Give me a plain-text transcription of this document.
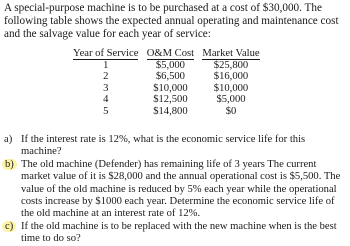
A special-purpose machine is to be purchased at a cost of $30,000. The following table shows the expected annual operating and maintenance cost and the salvage value for each year of service:

Year of Service	O&M Cost	Market Value
1	$5,000	$25,800
2	$6,500	$16,000
3	$10,000	$10,000
4	$12,500	$5,000
5	$14,800	$0
a) If the interest rate is 12%, what is the economic service life for this machine?
b) The old machine (Defender) has remaining life of 3 years The current market value of it is $28,000 and the annual operational cost is $5,500. The value of the old machine is reduced by 5% each year while the operational costs increase by $1000 each year. Determine the economic service life of the old machine at an interest rate of 12%.
c) If the old machine is to be replaced with the new machine when is the best time to do so?
